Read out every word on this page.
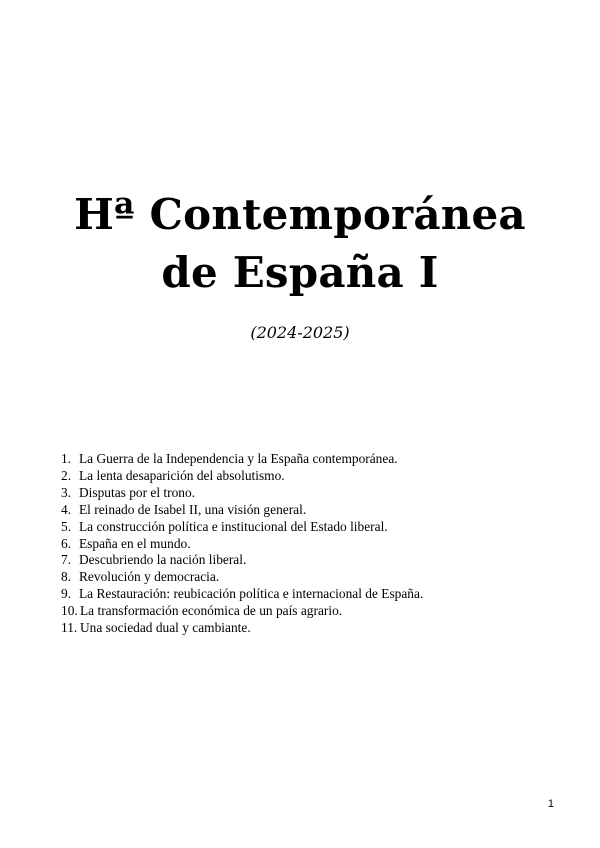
Hª Contemporánea
de España I

(2024-2025)

1. La Guerra de la Independencia y la España contemporánea.
2. La lenta desaparición del absolutismo.
3. Disputas por el trono.
4. El reinado de Isabel II, una visión general.
5. La construcción política e institucional del Estado liberal.
6. España en el mundo.
7. Descubriendo la nación liberal.
8. Revolución y democracia.
9. La Restauración: reubicación política e internacional de España.
10. La transformación económica de un país agrario.
11. Una sociedad dual y cambiante.
1
